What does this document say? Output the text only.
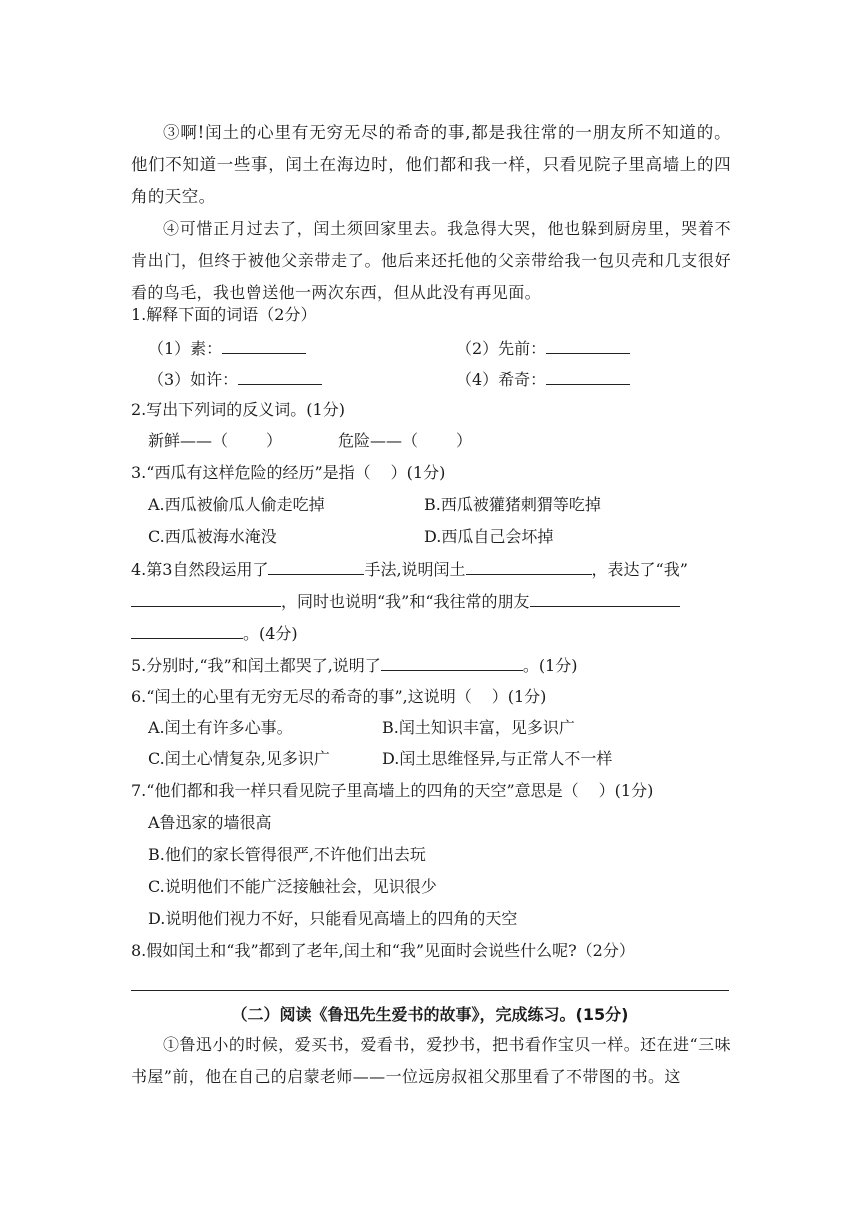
③啊!闰土的心里有无穷无尽的希奇的事,都是我往常的一朋友所不知道的。他们不知道一些事，闰土在海边时，他们都和我一样，只看见院子里高墙上的四角的天空。
④可惜正月过去了，闰土须回家里去。我急得大哭，他也躲到厨房里，哭着不肯出门，但终于被他父亲带走了。他后来还托他的父亲带给我一包贝壳和几支很好看的鸟毛，我也曾送他一两次东西，但从此没有再见面。
1.解释下面的词语（2分）
（1）素：	（2）先前：
（3）如许：	（4）希奇：
2.写出下列词的反义词。(1分)
新鲜——（ ）	危险——（ ）
3.“西瓜有这样危险的经历”是指（ ）(1分)
A.西瓜被偷瓜人偷走吃掉	B.西瓜被獾猪刺猬等吃掉
C.西瓜被海水淹没	D.西瓜自己会坏掉
4.第3自然段运用了	手法,说明闰土	，表达了“我”
，同时也说明“我”和“我往常的朋友
。(4分)
5.分别时,“我”和闰土都哭了,说明了	。(1分)
6.“闰土的心里有无穷无尽的希奇的事”,这说明（ ）(1分)
A.闰土有许多心事。	B.闰土知识丰富，见多识广
C.闰土心情复杂,见多识广	D.闰土思维怪异,与正常人不一样
7.“他们都和我一样只看见院子里高墙上的四角的天空”意思是（ ）(1分)
A鲁迅家的墙很高
B.他们的家长管得很严,不许他们出去玩
C.说明他们不能广泛接触社会，见识很少
D.说明他们视力不好，只能看见高墙上的四角的天空
8.假如闰土和“我”都到了老年,闰土和“我”见面时会说些什么呢?（2分）
（二）阅读《鲁迅先生爱书的故事》，完成练习。(15分)
①鲁迅小的时候，爱买书，爱看书，爱抄书，把书看作宝贝一样。还在进“三味书屋”前，他在自己的启蒙老师——一位远房叔祖父那里看了不带图的书。这
